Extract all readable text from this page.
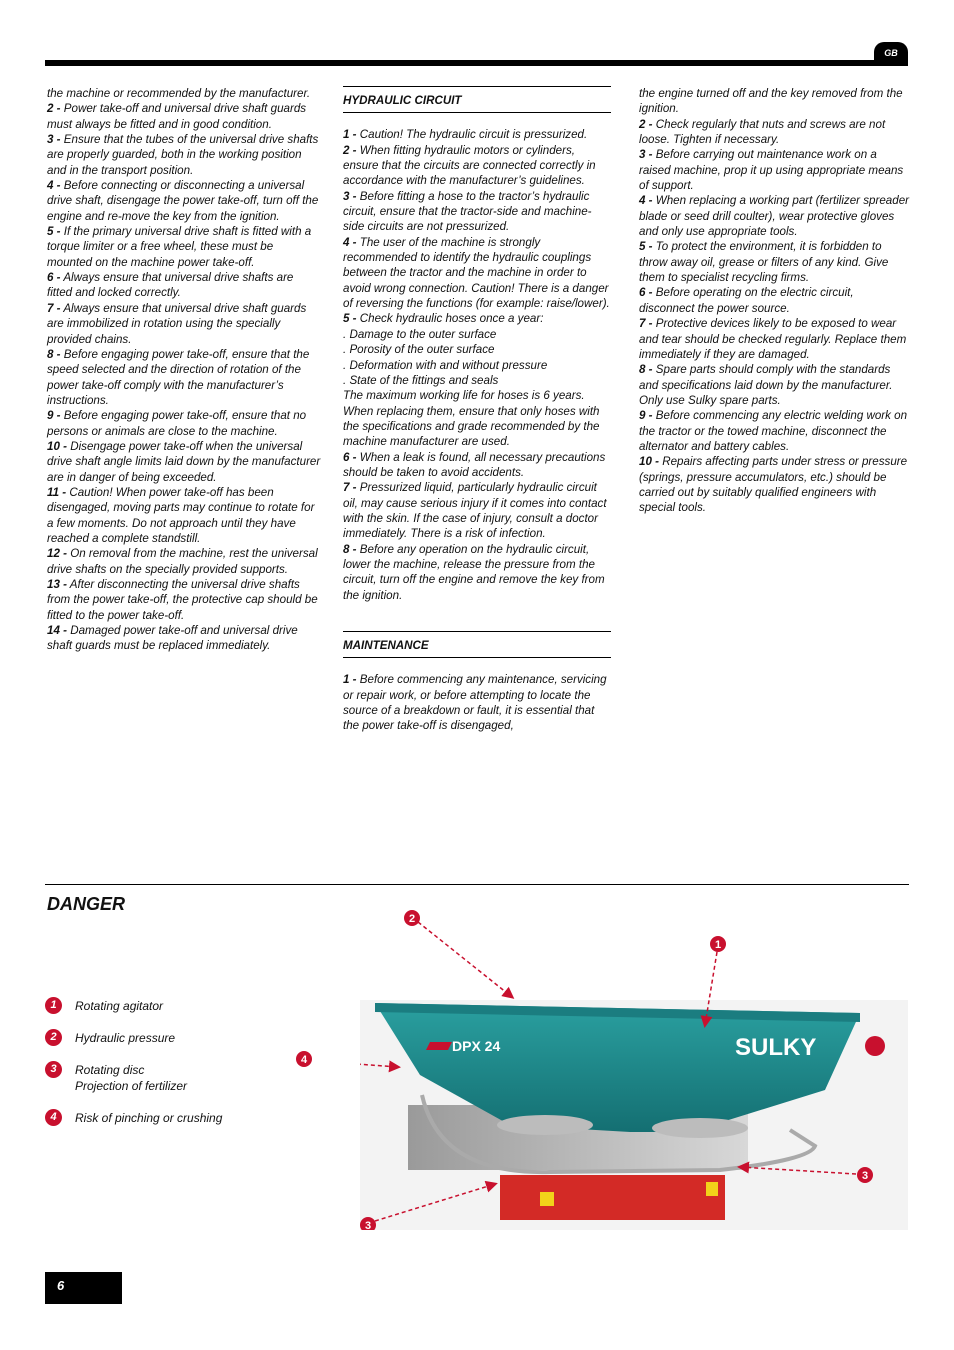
GB

the machine or recommended by the manufacturer.

2 - Power take-off and universal drive shaft guards must always be fitted and in good condition.

3 - Ensure that the tubes of the universal drive shafts are properly guarded, both in the working position and in the transport position.

4 - Before connecting or disconnecting a universal drive shaft, disengage the power take-off, turn off the engine and re-move the key from the ignition.

5 - If the primary universal drive shaft is fitted with a torque limiter or a free wheel, these must be mounted on the machine power take-off.

6 - Always ensure that universal drive shafts are fitted and locked correctly.

7 - Always ensure that universal drive shaft guards are immobilized in rotation using the specially provided chains.

8 - Before engaging power take-off, ensure that the speed selected and the direction of rotation of the power take-off comply with the manufacturer’s instructions.

9 - Before engaging power take-off, ensure that no persons or animals are close to the machine.

10 - Disengage power take-off when the universal drive shaft angle limits laid down by the manufacturer are in danger of being exceeded.

11 - Caution! When power take-off has been disengaged, moving parts may continue to rotate for a few moments. Do not approach until they have reached a complete standstill.

12 - On removal from the machine, rest the universal drive shafts on the specially provided supports.

13 - After disconnecting the universal drive shafts from the power take-off, the protective cap should be fitted to the power take-off.

14 - Damaged power take-off and universal drive shaft guards must be replaced immediately.

HYDRAULIC CIRCUIT

1 - Caution! The hydraulic circuit is pressurized.

2 - When fitting hydraulic motors or cylinders, ensure that the circuits are connected correctly in accordance with the manufacturer’s guidelines.

3 - Before fitting a hose to the tractor’s hydraulic circuit, ensure that the tractor-side and machine-side circuits are not pressurized.

4 - The user of the machine is strongly recommended to identify the hydraulic couplings between the tractor and the machine in order to avoid wrong connection. Caution! There is a danger of reversing the functions (for example: raise/lower).

5 - Check hydraulic hoses once a year:

. Damage to the outer surface

. Porosity of the outer surface

. Deformation with and without pressure

. State of the fittings and seals

The maximum working life for hoses is 6 years. When replacing them, ensure that only hoses with the specifications and grade recommended by the machine manufacturer are used.

6 - When a leak is found, all necessary precautions should be taken to avoid accidents.

7 - Pressurized liquid, particularly hydraulic circuit oil, may cause serious injury if it comes into contact with the skin. If the case of injury, consult a doctor immediately. There is a risk of infection.

8 - Before any operation on the hydraulic circuit, lower the machine, release the pressure from the circuit, turn off the engine and remove the key from the ignition.

MAINTENANCE

1 - Before commencing any maintenance, servicing or repair work, or before attempting to locate the source of a breakdown or fault, it is essential that the power take-off is disengaged,

the engine turned off and the key removed from the ignition.

2 - Check regularly that nuts and screws are not loose. Tighten if necessary.

3 - Before carrying out maintenance work on a raised machine, prop it up using appropriate means of support.

4 - When replacing a working part (fertilizer spreader blade or seed drill coulter), wear protective gloves and only use appropriate tools.

5 - To protect the environment, it is forbidden to throw away oil, grease or filters of any kind. Give them to specialist recycling firms.

6 - Before operating on the electric circuit, disconnect the power source.

7 - Protective devices likely to be exposed to wear and tear should be checked regularly. Replace them immediately if they are damaged.

8 - Spare parts should comply with the standards and specifications laid down by the manufacturer. Only use Sulky spare parts.

9 - Before commencing any electric welding work on the tractor or the towed machine, disconnect the alternator and battery cables.

10 - Repairs affecting parts under stress or pressure (springs, pressure accumulators, etc.) should be carried out by suitably qualified engineers with special tools.

DANGER
1	Rotating agitator
2	Hydraulic pressure
3	Rotating disc
Projection of fertilizer
4	Risk of pinching or crushing
DPX 24	SULKY
2
1
3
3
4
6
